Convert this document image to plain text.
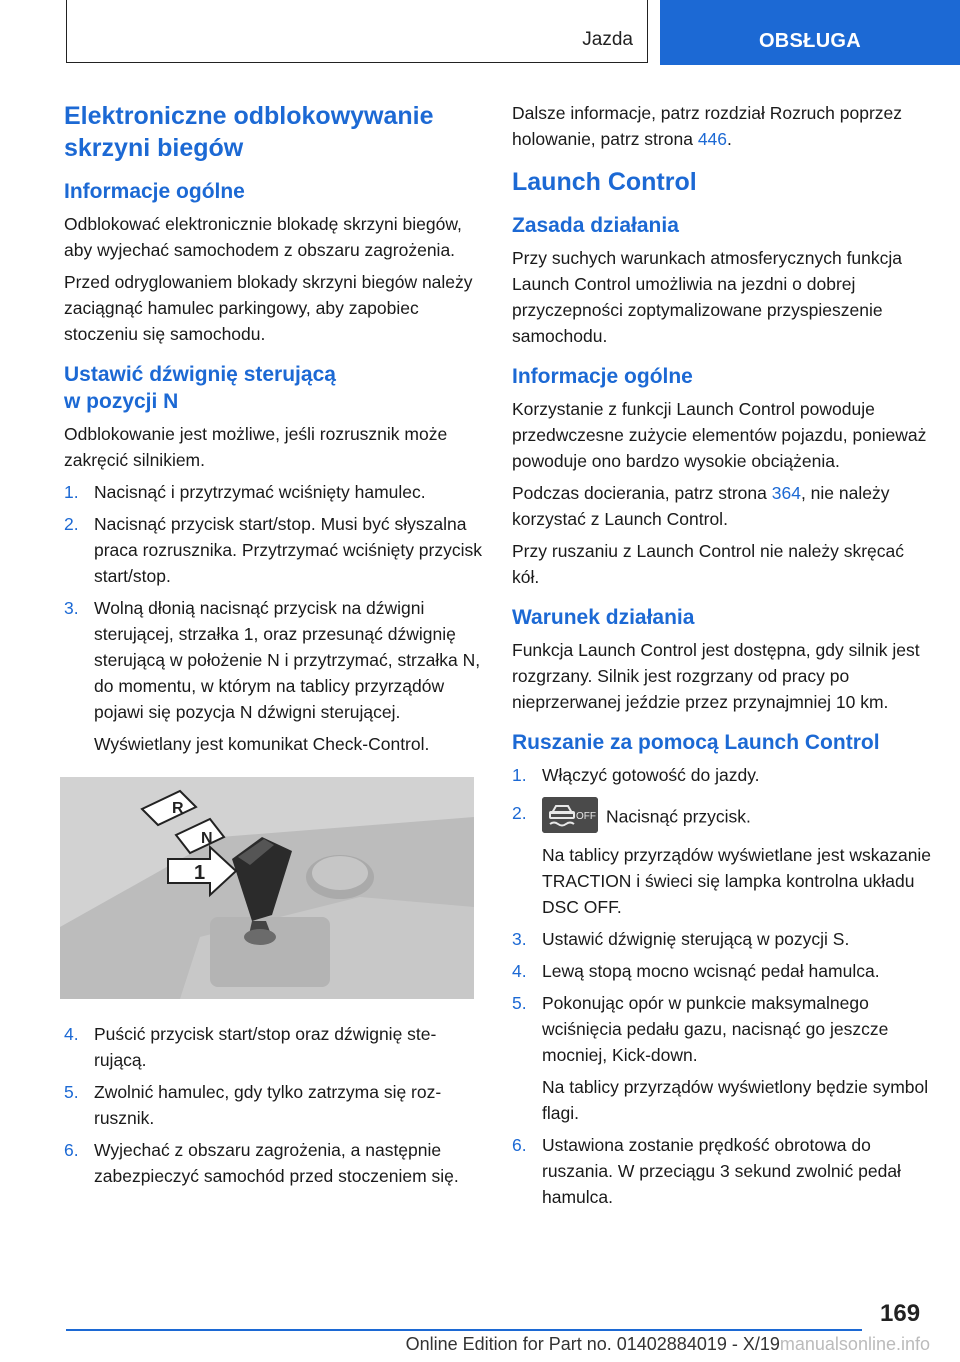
Jazda	OBSŁUGA
Elektroniczne odblokowywanie skrzyni biegów
Informacje ogólne

Odblokować elektronicznie blokadę skrzyni biegów, aby wyjechać samochodem z obszaru zagrożenia.

Przed odryglowaniem blokady skrzyni biegów należy zaciągnąć hamulec parkingowy, aby zapobiec stoczeniu się samochodu.

Ustawić dźwignię sterującą
w pozycji N

Odblokowanie jest możliwe, jeśli rozrusznik może zakręcić silnikiem.

1. Nacisnąć i przytrzymać wciśnięty hamulec.
2. Nacisnąć przycisk start/stop. Musi być słyszalna praca rozrusznika. Przytrzymać wciśnięty przycisk start/stop.
3. Wolną dłonią nacisnąć przycisk na dźwigni sterującej, strzałka 1, oraz przesunąć dźwignię sterującą w położenie N i przytrzymać, strzałka N, do momentu, w którym na tablicy przyrządów pojawi się pozycja N dźwigni sterującej.
Wyświetlany jest komunikat Check-Control.
R
N
1
4. Puścić przycisk start/stop oraz dźwignię sterującą.
5. Zwolnić hamulec, gdy tylko zatrzyma się rozrusznik.
6. Wyjechać z obszaru zagrożenia, a następnie zabezpieczyć samochód przed stoczeniem się.

Dalsze informacje, patrz rozdział Rozruch poprzez holowanie, patrz strona 446.

Launch Control
Zasada działania

Przy suchych warunkach atmosferycznych funkcja Launch Control umożliwia na jezdni o dobrej przyczepności zoptymalizowane przyspieszenie samochodu.

Informacje ogólne

Korzystanie z funkcji Launch Control powoduje przedwczesne zużycie elementów pojazdu, ponieważ powoduje ono bardzo wysokie obciążenia.

Podczas docierania, patrz strona 364, nie należy korzystać z Launch Control.

Przy ruszaniu z Launch Control nie należy skręcać kół.

Warunek działania

Funkcja Launch Control jest dostępna, gdy silnik jest rozgrzany. Silnik jest rozgrzany od pracy po nieprzerwanej jeździe przez przynajmniej 10 km.

Ruszanie za pomocą Launch Control
1. Włączyć gotowość do jazdy.
2.	OFF Nacisnąć przycisk.
Na tablicy przyrządów wyświetlane jest wskazanie TRACTION i świeci się lampka kontrolna układu DSC OFF.
3. Ustawić dźwignię sterującą w pozycji S.
4. Lewą stopą mocno wcisnąć pedał hamulca.
5. Pokonując opór w punkcie maksymalnego wciśnięcia pedału gazu, nacisnąć go jeszcze mocniej, Kick-down.
Na tablicy przyrządów wyświetlony będzie symbol flagi.
6. Ustawiona zostanie prędkość obrotowa do ruszania. W przeciągu 3 sekund zwolnić pedał hamulca.
169
Online Edition for Part no. 01402884019 - X/19manualsonline.info
